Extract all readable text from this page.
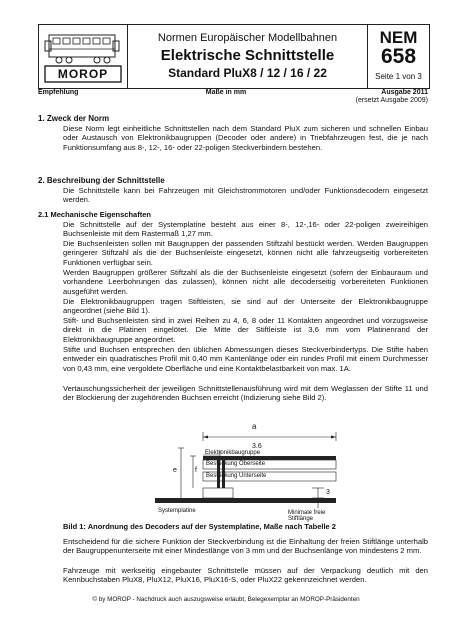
MOROP
Normen Europäischer Modellbahnen
Elektrische Schnittstelle
Standard PluX8 / 12 / 16 / 22
NEM
658
Seite 1 von 3
Empfehlung	Maße in mm	Ausgabe 2011
(ersetzt Ausgabe 2009)
1. Zweck der Norm
Diese Norm legt einheitliche Schnittstellen nach dem Standard PluX zum sicheren und schnellen Einbau oder Austausch von Elektronikbaugruppen (Decoder oder andere) in Triebfahrzeugen fest, die je nach Funktionsumfang aus 8-, 12-, 16- oder 22-poligen Steckverbindern bestehen.
2. Beschreibung der Schnittstelle
Die Schnittstelle kann bei Fahrzeugen mit Gleichstrommotoren und/oder Funktionsdecodern eingesetzt werden.
2.1 Mechanische Eigenschaften
Die Schnittstelle auf der Systemplatine besteht aus einer 8-, 12-,16- oder 22-poligen zweireihigen Buchsenleiste mit dem Rastermaß 1,27 mm.
Die Buchsenleisten sollen mit Baugruppen der passenden Stiftzahl bestückt werden. Werden Baugruppen geringerer Stiftzahl als die der Buchsenleiste eingesetzt, können nicht alle fahrzeugseitig vorbereiteten Funktionen verfügbar sein.
Werden Baugruppen größerer Stiftzahl als die der Buchsenleiste eingesetzt (sofern der Einbauraum und vorhandene Leerbohrungen das zulassen), können nicht alle decoderseitig vorbereiteten Funktionen ausgeführt werden.
Die Elektronikbaugruppen tragen Stiftleisten, sie sind auf der Unterseite der Elektronikbaugruppe angeordnet (siehe Bild 1).
Stift- und Buchsenleisten sind in zwei Reihen zu 4, 6, 8 oder 11 Kontakten angeordnet und vorzugsweise direkt in die Platinen eingelötet. Die Mitte der Stiftleiste ist 3,6 mm vom Platinenrand der Elektronikbaugruppe angeordnet.
Stifte und Buchsen entsprechen den üblichen Abmessungen dieses Steckverbindertyps. Die Stifte haben entweder ein quadratisches Profil mit 0,40 mm Kantenlänge oder ein rundes Profil mit einem Durchmesser von 0,43 mm, eine vergoldete Oberfläche und eine Kontaktbelastbarkeit von max. 1A.
Vertauschungssicherheit der jeweiligen Schnittstellenausführung wird mit dem Weglassen der Stifte 11 und der Blockierung der zugehörenden Buchsen erreicht (Indizierung siehe Bild 2).
a
3.6
e	f
3
Elektronikbaugruppe
Bestückung Oberseite
Bestückung Unterseite
Systemplatine	Minimale freie Stiftlänge
Bild 1: Anordnung des Decoders auf der Systemplatine, Maße nach Tabelle 2
Entscheidend für die sichere Funktion der Steckverbindung ist die Einhaltung der freien Stiftlänge unterhalb der Baugruppenunterseite mit einer Mindestlänge von 3 mm und der Buchsenlänge von mindestens 2 mm.
Fahrzeuge mit werkseitig eingebauter Schnittstelle müssen auf der Verpackung deutlich mit den Kennbuchstaben PluX8, PluX12, PluX16, PluX16-S, oder PluX22 gekennzeichnet werden.
© by MOROP - Nachdruck auch auszugsweise erlaubt, Belegexemplar an MOROP-Präsidenten
